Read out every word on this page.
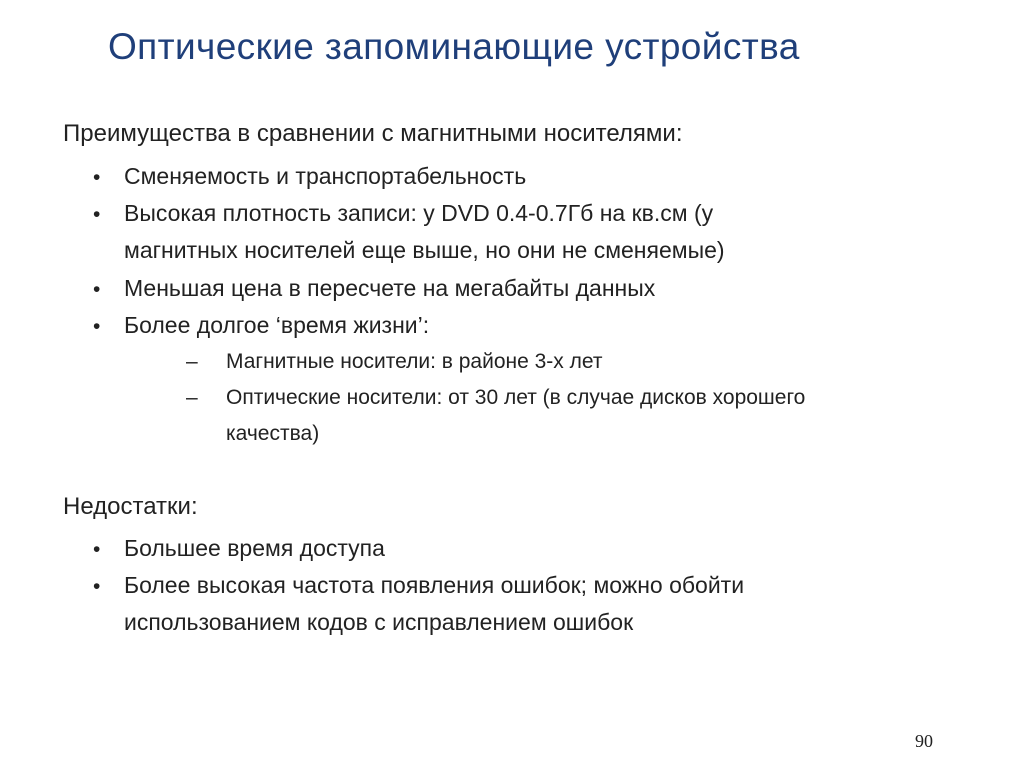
Оптические запоминающие устройства
Преимущества в сравнении с магнитными носителями:
• Сменяемость и транспортабельность
• Высокая плотность записи: у DVD 0.4-0.7Гб на кв.см (у
магнитных носителей еще выше, но они не сменяемые)
• Меньшая цена в пересчете на мегабайты данных
• Более долгое ‘время жизни’:
– Магнитные носители: в районе 3-х лет
– Оптические носители: от 30 лет (в случае дисков хорошего
качества)
Недостатки:
• Большее время доступа
• Более высокая частота появления ошибок; можно обойти
использованием кодов с исправлением ошибок
90
